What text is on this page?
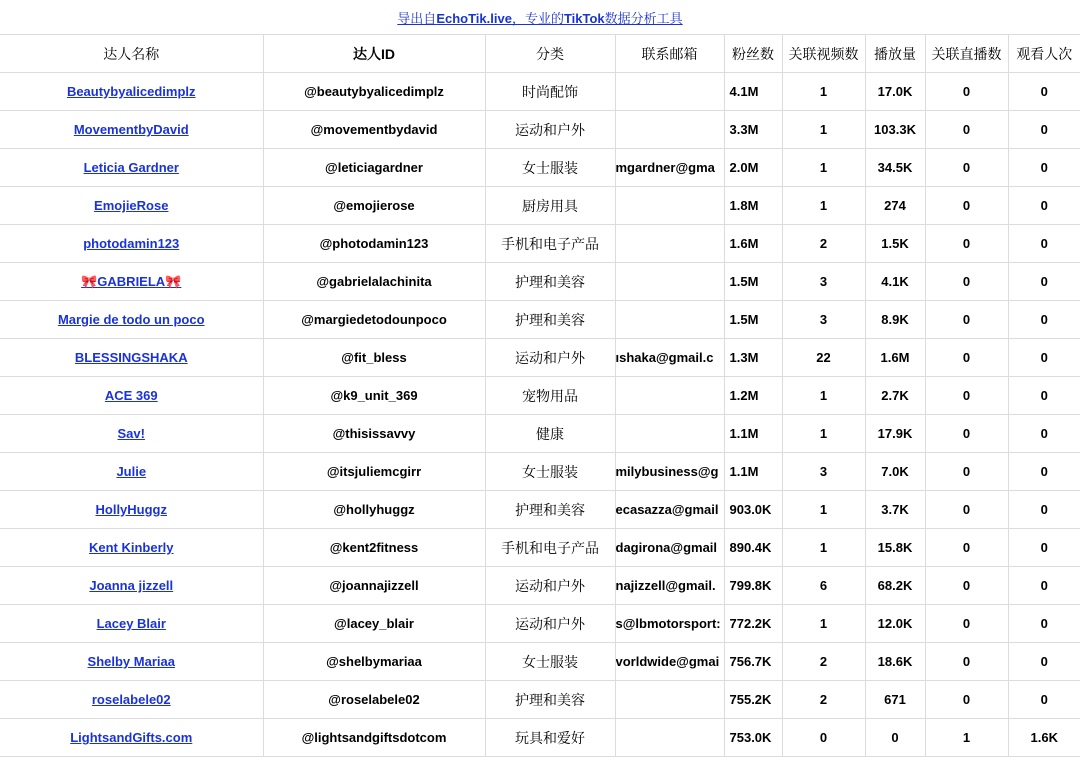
导出自EchoTik.live，专业的TikTok数据分析工具
达人名称	达人ID	分类	联系邮箱	粉丝数	关联视频数	播放量	关联直播数	观看人次
Beautybyalicedimplz	@beautybyalicedimplz	时尚配饰		4.1M	1	17.0K	0	0
MovementbyDavid	@movementbydavid	运动和户外		3.3M	1	103.3K	0	0
Leticia Gardner	@leticiagardner	女士服装	mgardner@gma	2.0M	1	34.5K	0	0
EmojieRose	@emojierose	厨房用具		1.8M	1	274	0	0
photodamin123	@photodamin123	手机和电子产品		1.6M	2	1.5K	0	0
🎀GABRIELA🎀	@gabrielalachinita	护理和美容		1.5M	3	4.1K	0	0
Margie de todo un poco	@margiedetodounpoco	护理和美容		1.5M	3	8.9K	0	0
BLESSINGSHAKA	@fit_bless	运动和户外	ıshaka@gmail.c	1.3M	22	1.6M	0	0
ACE 369	@k9_unit_369	宠物用品		1.2M	1	2.7K	0	0
Sav!	@thisissavvy	健康		1.1M	1	17.9K	0	0
Julie	@itsjuliemcgirr	女士服装	milybusiness@g	1.1M	3	7.0K	0	0
HollyHuggz	@hollyhuggz	护理和美容	ecasazza@gmail	903.0K	1	3.7K	0	0
Kent Kinberly	@kent2fitness	手机和电子产品	dagirona@gmail	890.4K	1	15.8K	0	0
Joanna jizzell	@joannajizzell	运动和户外	najizzell@gmail.	799.8K	6	68.2K	0	0
Lacey Blair	@lacey_blair	运动和户外	s@lbmotorsport:	772.2K	1	12.0K	0	0
Shelby Mariaa	@shelbymariaa	女士服装	vorldwide@gmai	756.7K	2	18.6K	0	0
roselabele02	@roselabele02	护理和美容		755.2K	2	671	0	0
LightsandGifts.com	@lightsandgiftsdotcom	玩具和爱好		753.0K	0	0	1	1.6K
